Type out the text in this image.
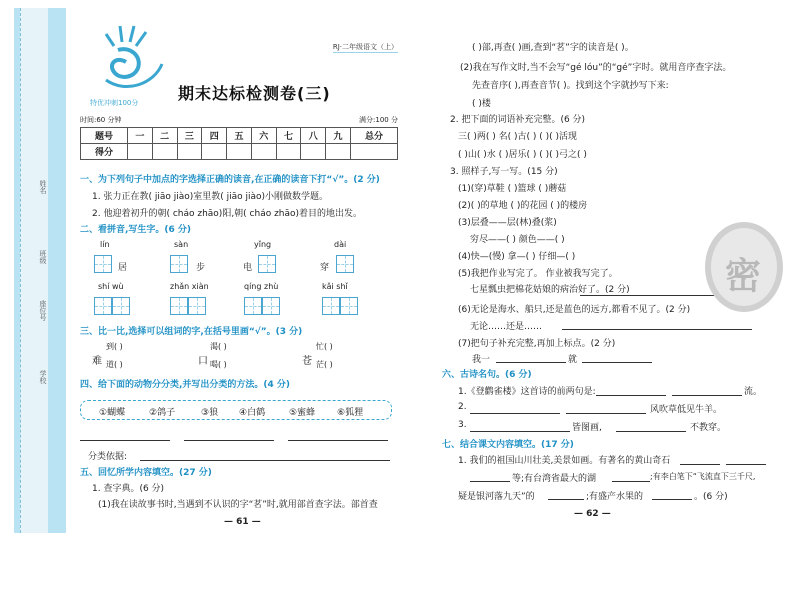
姓名
班级
座位号
学校
RJ·二年级语文（上）
期末达标检测卷(三)
特优冲刺100分
时间:60 分钟	满分:100 分
题号	一	二	三	四	五	六	七	八	九	总分
得分										
一、为下列句子中加点的字选择正确的读音,在正确的读音下打“√”。(2 分)
1. 张力正在教( jiāo jiào)室里教( jiāo jiào)小刚做数学题。
2. 他迎着初升的朝( cháo zhāo)阳,朝( cháo zhāo)着目的地出发。
二、看拼音,写生字。(6 分)
lín
居
sàn
步
yǐng
电
dài
穿
shí wù	zhǎn xiàn	qíng zhù	kǎi shǐ
三、比一比,选择可以组词的字,在括号里画“√”。(3 分)
难
到( )
道( )	口
渴( )
喝( )	苍
忙( )
茫( )
四、给下面的动物分分类,并写出分类的方法。(4 分)
①蝴蝶	②鸽子	③狼 ④白鹤	⑤蜜蜂 ⑥狐狸
分类依据:
五、回忆所学内容填空。(27 分)
1. 查字典。(6 分)
(1)我在读故事书时,当遇到不认识的字“茗”时,就用部首查字法。部首查
— 61 —
( )部,再查( )画,查到“茗”字的读音是( )。
(2)我在写作文时,当不会写“gé lóu”的“gé”字时。就用音序查字法。
先查音序( ),再查音节( )。找到这个字就抄写下来:
( )楼
2. 把下面的词语补充完整。(6 分)
三( )两( ) 名( )古( ) ( )( )活现
( )山( )水 ( )居乐( ) ( )( )弓之( )
3. 照样子,写一写。(15 分)
(1)(穿)草鞋 ( )篮球 ( )蘑菇
(2)( )的草地 ( )的花园 ( )的楼房
(3)层叠——层(林)叠(浆)
穷尽——( ) 颜色——( )
(4)快—(慢) 拿—( ) 仔细—( )
(5)我把作业写完了。 作业被我写完了。
七星瓢虫把棉花姑娘的病治好了。(2 分)
(6)无论是海水、船只,还是蓝色的远方,都看不见了。(2 分)
无论……还是……
(7)把句子补充完整,再加上标点。(2 分)
我一	就
六、古诗名句。(6 分)
1.《登鹳雀楼》这首诗的前两句是:	流。
2.	风吹草低见牛羊。
3.	皆图画,	不教穿。
七、结合课文内容填空。(17 分)
1. 我们的祖国山川壮美,美景如画。有著名的黄山奇石
等;有台湾省最大的湖	;有李白笔下“飞流直下三千尺,
疑是银河落九天”的	;有盛产水果的	。(6 分)
— 62 —
密
